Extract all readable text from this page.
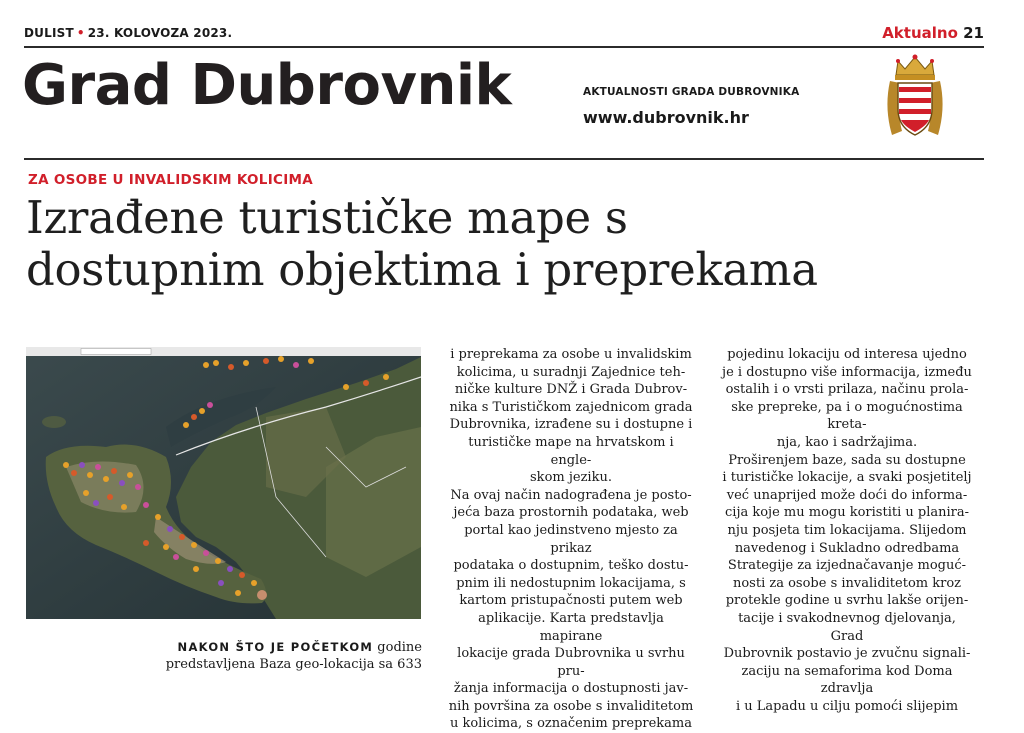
DULIST • 23. KOLOVOZA 2023.	Aktualno 21
Grad Dubrovnik	AKTUALNOSTI GRADA DUBROVNIKA
www.dubrovnik.hr
ZA OSOBE U INVALIDSKIM KOLICIMA
Izrađene turističke mape s
dostupnim objektima i preprekama
NAKON ŠTO JE POČETKOM godine predstavljena Baza geo-lokacija sa 633
i preprekama za osobe u invalidskim
kolicima, u suradnji Zajednice teh-
ničke kulture DNŽ i Grada Dubrov-
nika s Turističkom zajednicom grada
Dubrovnika, izrađene su i dostupne i
turističke mape na hrvatskom i engle-
skom jeziku.
Na ovaj način nadograđena je posto-
jeća baza prostornih podataka, web
portal kao jedinstveno mjesto za prikaz
podataka o dostupnim, teško dostu-
pnim ili nedostupnim lokacijama, s
kartom pristupačnosti putem web
aplikacije. Karta predstavlja mapirane
lokacije grada Dubrovnika u svrhu pru-
žanja informacija o dostupnosti jav-
nih površina za osobe s invaliditetom
u kolicima, s označenim preprekama
pojedinu lokaciju od interesa ujedno
je i dostupno više informacija, između
ostalih i o vrsti prilaza, načinu prola-
ske prepreke, pa i o mogućnostima kreta-
nja, kao i sadržajima.
Proširenjem baze, sada su dostupne
i turističke lokacije, a svaki posjetitelj
već unaprijed može doći do informa-
cija koje mu mogu koristiti u planira-
nju posjeta tim lokacijama. Slijedom
navedenog i Sukladno odredbama
Strategije za izjednačavanje moguć-
nosti za osobe s invaliditetom kroz
protekle godine u svrhu lakše orijen-
tacije i svakodnevnog djelovanja, Grad
Dubrovnik postavio je zvučnu signali-
zaciju na semaforima kod Doma zdravlja
i u Lapadu u cilju pomoći slijepim
